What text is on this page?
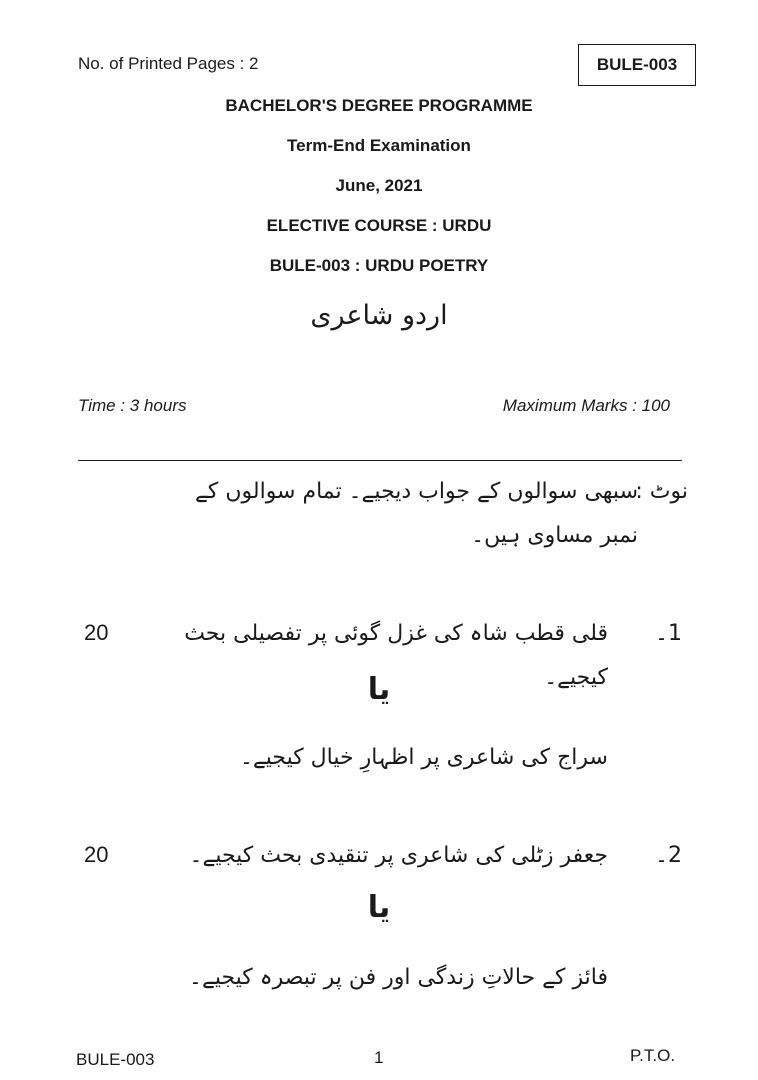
No. of Printed Pages : 2	BULE-003
BACHELOR'S DEGREE PROGRAMME
Term-End Examination
June, 2021
ELECTIVE COURSE : URDU
BULE-003 : URDU POETRY
اردو شاعری
Time : 3 hours	Maximum Marks : 100
نوٹ :
سبھی سوالوں کے جواب دیجیے۔ تمام سوالوں کے نمبر مساوی ہیں۔
20	1۔
قلی قطب شاہ کی غزل گوئی پر تفصیلی بحث کیجیے۔
یا
سراج کی شاعری پر اظہارِ خیال کیجیے۔
20	2۔
جعفر زٹلی کی شاعری پر تنقیدی بحث کیجیے۔
یا
فائز کے حالاتِ زندگی اور فن پر تبصرہ کیجیے۔
BULE-003	1	P.T.O.
